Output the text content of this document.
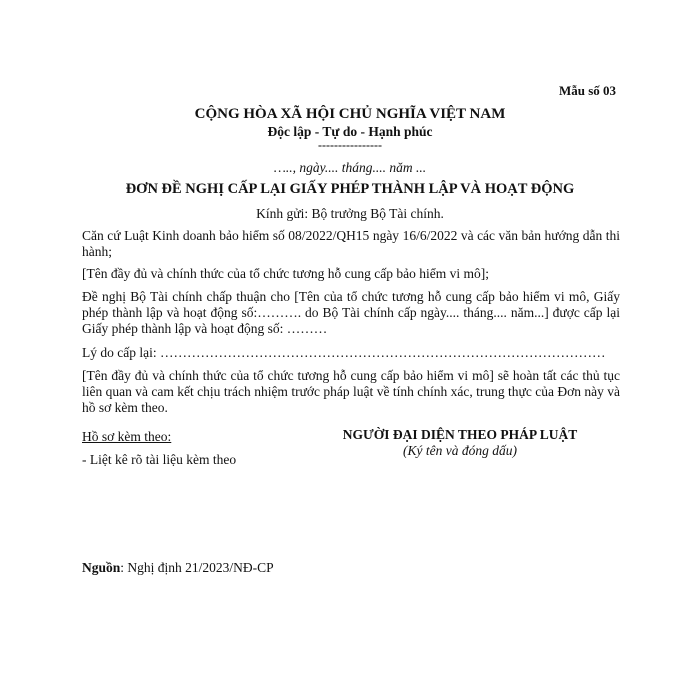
Mẫu số 03
CỘNG HÒA XÃ HỘI CHỦ NGHĨA VIỆT NAM
Độc lập - Tự do - Hạnh phúc
----------------
….., ngày.... tháng.... năm ...
ĐƠN ĐỀ NGHỊ CẤP LẠI GIẤY PHÉP THÀNH LẬP VÀ HOẠT ĐỘNG
Kính gửi: Bộ trưởng Bộ Tài chính.
Căn cứ Luật Kinh doanh bảo hiểm số 08/2022/QH15 ngày 16/6/2022 và các văn bản hướng dẫn thi hành;
[Tên đầy đủ và chính thức của tổ chức tương hỗ cung cấp bảo hiểm vi mô];
Đề nghị Bộ Tài chính chấp thuận cho [Tên của tổ chức tương hỗ cung cấp bảo hiểm vi mô, Giấy phép thành lập và hoạt động số:………. do Bộ Tài chính cấp ngày.... tháng.... năm...] được cấp lại Giấy phép thành lập và hoạt động số: ………
Lý do cấp lại: ………………………………………………………………………………………
[Tên đầy đủ và chính thức của tổ chức tương hỗ cung cấp bảo hiểm vi mô] sẽ hoàn tất các thủ tục liên quan và cam kết chịu trách nhiệm trước pháp luật về tính chính xác, trung thực của Đơn này và hồ sơ kèm theo.
Hồ sơ kèm theo:
- Liệt kê rõ tài liệu kèm theo
NGƯỜI ĐẠI DIỆN THEO PHÁP LUẬT
(Ký tên và đóng dấu)
Nguồn: Nghị định 21/2023/NĐ-CP
